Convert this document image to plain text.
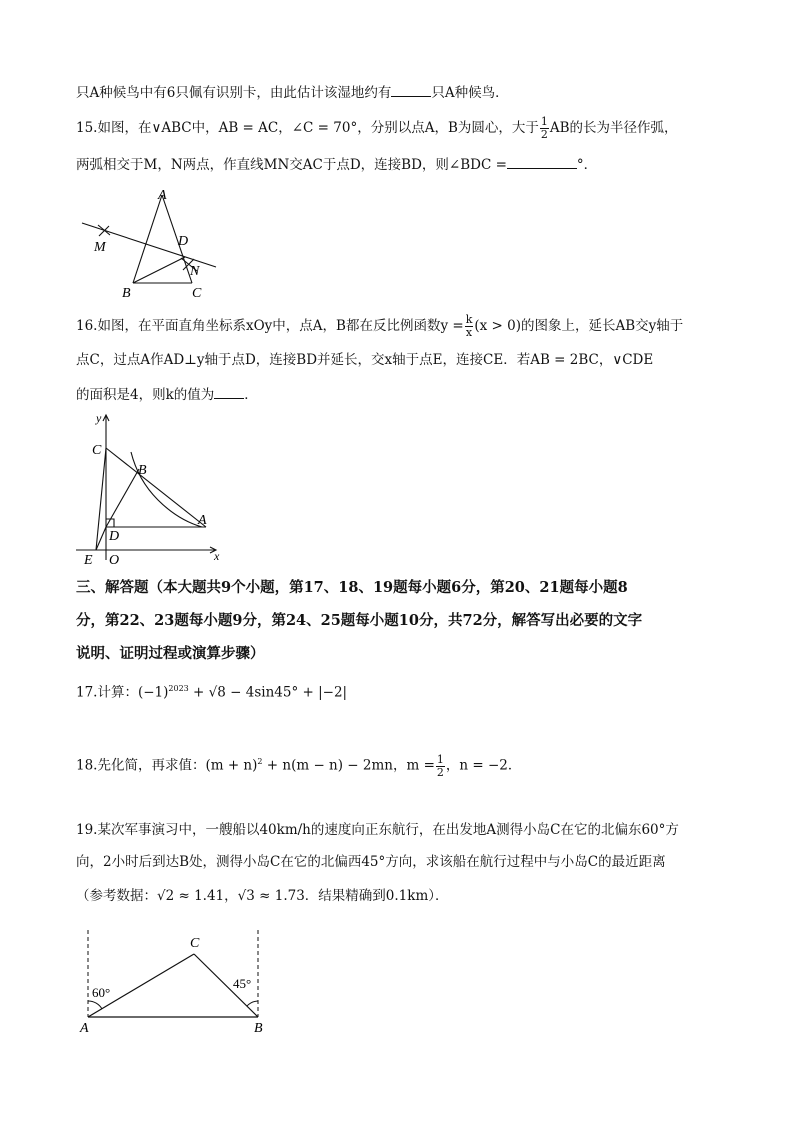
只A种候鸟中有6只佩有识别卡，由此估计该湿地约有	只A种候鸟．
15.如图，在∨ABC中，AB = AC，∠C = 70°，分别以点A，B为圆心，大于 $\frac{1}{2}$ AB的长为半径作弧，
两弧相交于M，N两点，作直线MN交AC于点D，连接BD，则∠BDC =	°．
A
D
M
N
B	C
16.如图，在平面直角坐标系xOy中，点A，B都在反比例函数$y = \frac{k}{x} (x > 0)$的图象上，延长AB交y轴于
点C，过点A作AD⊥y轴于点D，连接BD并延长，交x轴于点E，连接CE．若AB = 2BC，∨CDE
的面积是4，则k的值为 ．
y
C
B
A
D
E O	x
三、解答题（本大题共9个小题，第17、18、19题每小题6分，第20、21题每小题8
分，第22、23题每小题9分，第24、25题每小题10分，共72分，解答写出必要的文字
说明、证明过程或演算步骤）
17.计算：$(-1)^{2023} + √8 - 4\sin 45^\circ + |-2|$
18.先化简，再求值：$(m + n)^2 + n(m - n) - 2mn$，$m = \frac{1}{2}$ ，n = −2．
19.某次军事演习中，一艘船以40km/h的速度向正东航行，在出发地A测得小岛C在它的北偏东60°方
向，2小时后到达B处，测得小岛C在它的北偏西45°方向，求该船在航行过程中与小岛C的最近距离
（参考数据：√2 ≈ 1.41，√3 ≈ 1.73．结果精确到0.1km）．
C
60°
45°
A	B
